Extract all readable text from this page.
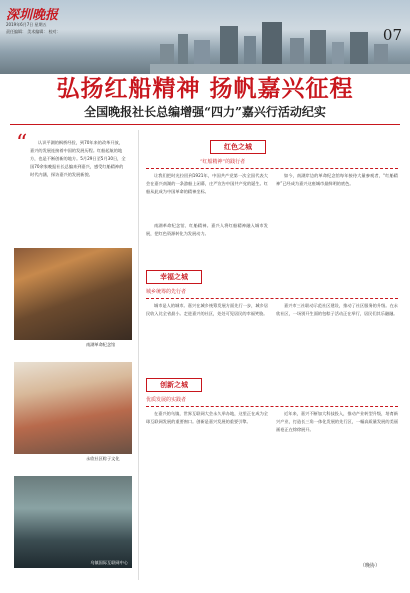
深圳晚报
2019年6月7日 星期五
责任编辑： 美术编辑： 校对：	07
弘扬红船精神 扬帆嘉兴征程
全国晚报社长总编增强“四力”嘉兴行活动纪实
“	认识平湖的枫桥经验，到70年来的改革开放，嘉兴的发展连接着中国的发展历程。红船起航的地方，也是不断创新的地方。5月29日至5月30日，全国70余家晚报社长总编来到嘉兴，感受红船精神的时代内涵，探访嘉兴的发展新貌。
南湖革命纪念馆
永欣社区粽子文化
乌镇国际互联网中心
红色之城
“红船精神”的践行者
让我们把时光拉回到1921年，中国共产党第一次全国代表大会在嘉兴南湖的一条游船上闭幕，庄严宣告中国共产党的诞生。红船从此成为中国革命的精神坐标。
南湖革命纪念馆、红船精神。嘉兴人将红船精神融入城市发展，把红色资源转化为发展动力。
如今，南湖岸边的革命纪念馆每年接待大量参观者，“红船精神”已经成为嘉兴这座城市最鲜明的底色。
幸福之城
城乡统筹的先行者
城市是人的城市。嘉兴在城乡统筹发展方面先行一步，城乡居民收入比全省最小。走进嘉兴的社区，处处可见居民的幸福笑脸。
嘉兴市三社联动示范社区建设，推动了社区服务的升级。在永欣社区，一场别开生面的包粽子活动正在举行，居民们其乐融融。
创新之城
优质发展的实践者
在嘉兴的乌镇，世界互联网大会永久举办地，这里正在成为全球互联网发展的重要窗口。创新是嘉兴发展的重要引擎。
近年来，嘉兴不断加大科技投入，推动产业转型升级，培育新兴产业，打造长三角一体化发展的先行区，一幅高质量发展的美丽画卷正在徐徐展开。
（晚协）
